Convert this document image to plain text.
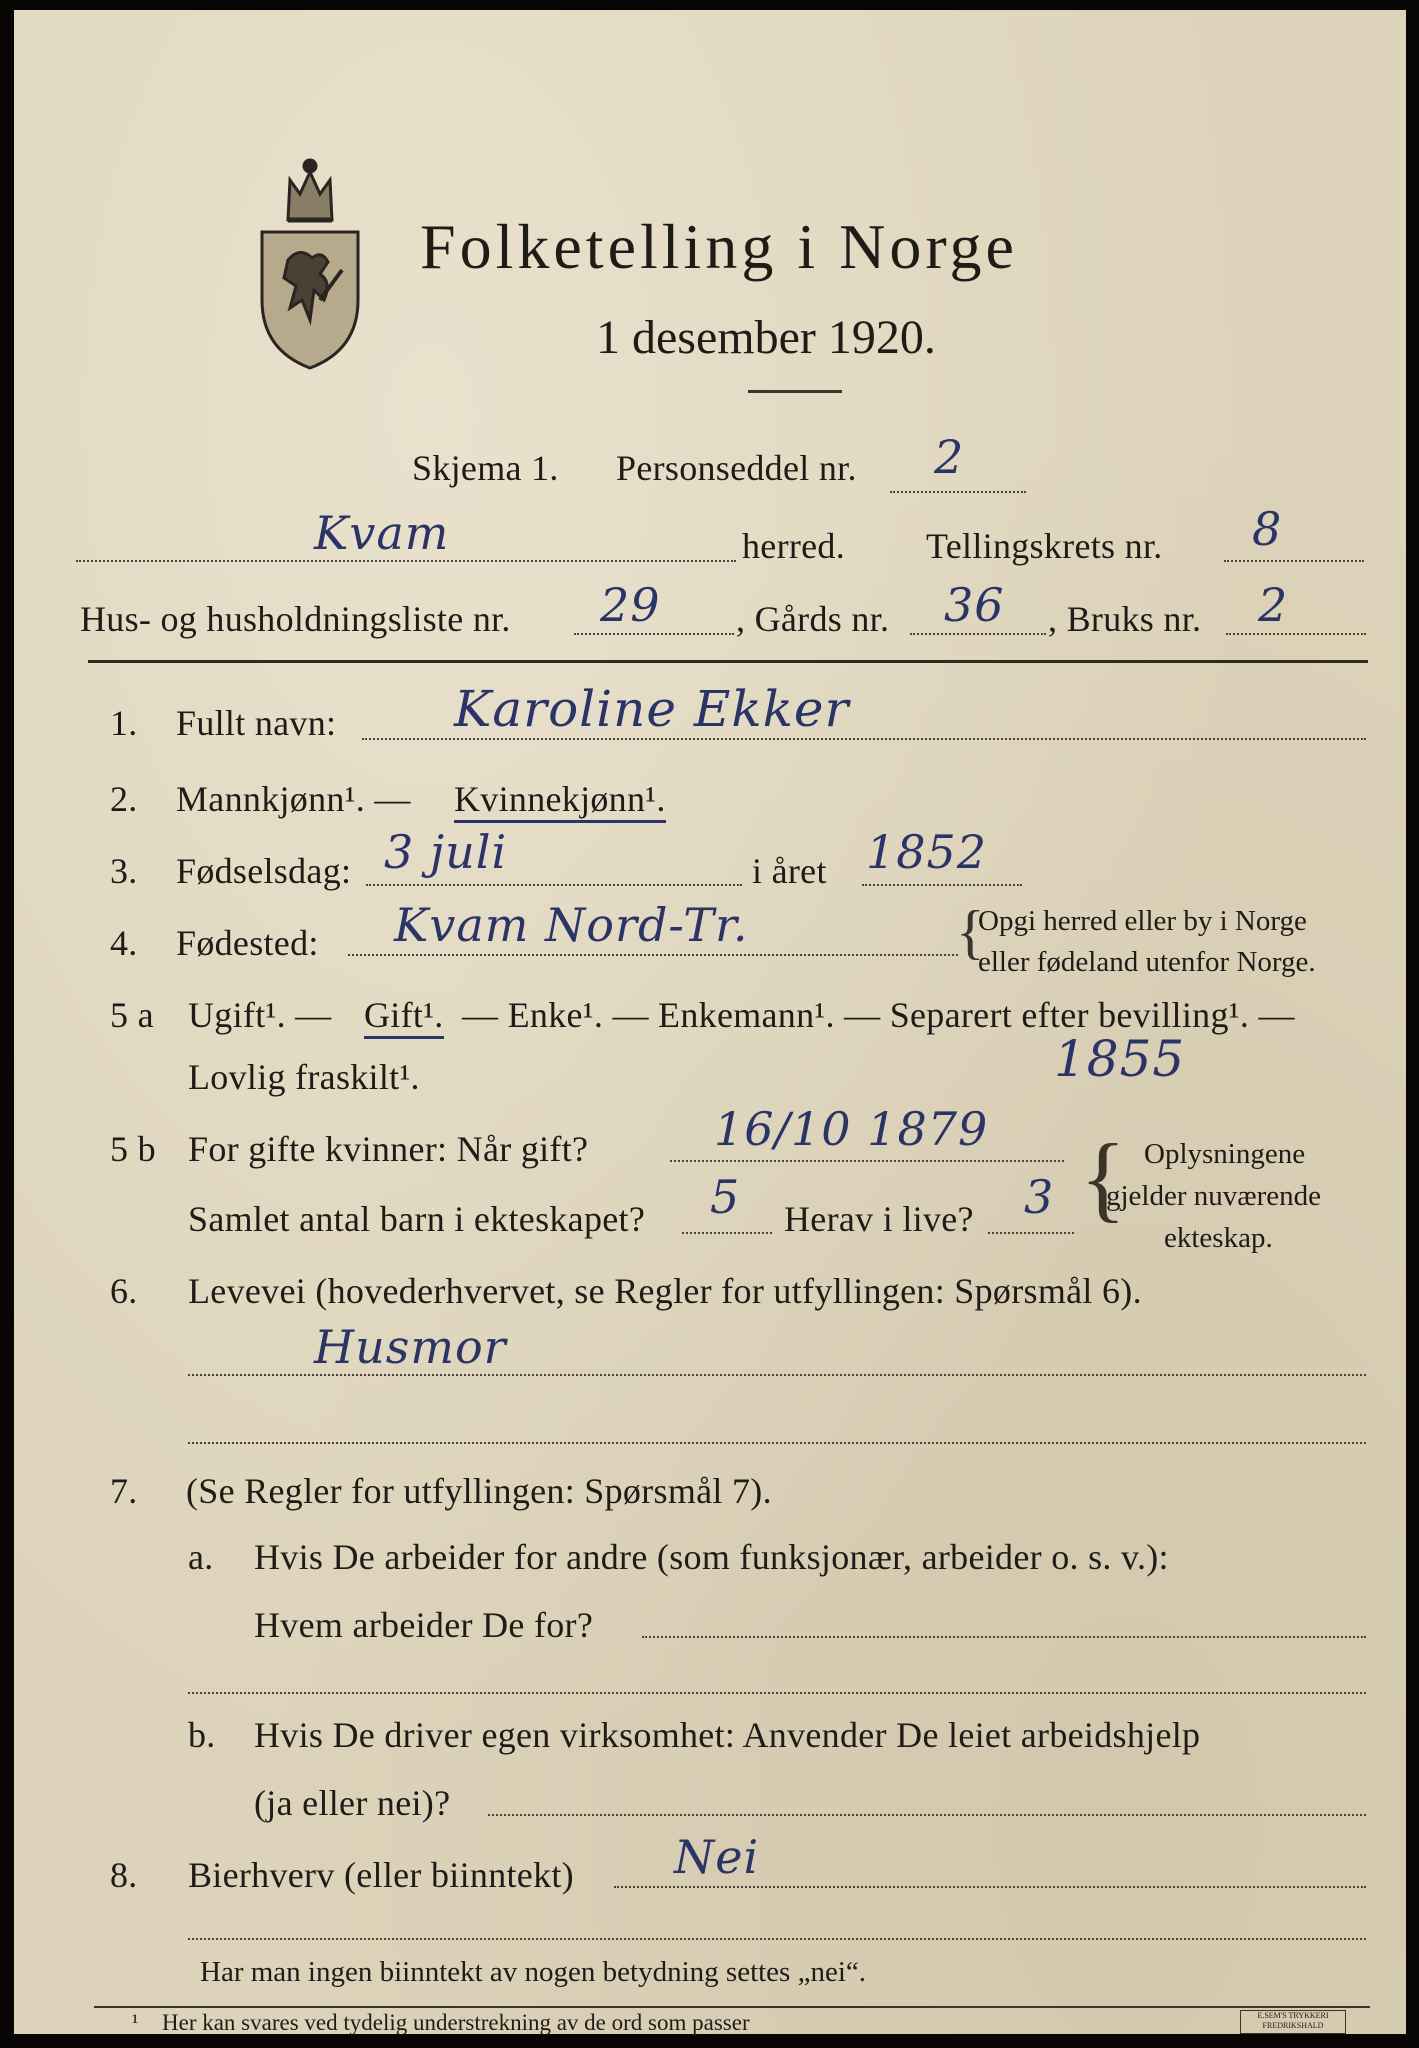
Folketelling i Norge
1 desember 1920.
Skjema 1. Personseddel nr. 2
Kvam	herred. Tellingskrets nr. 8
Hus- og husholdningsliste nr. 29 , Gårds nr. 36 , Bruks nr. 2
1. Fullt navn: Karoline Ekker
2. Mannkjønn¹. — Kvinnekjønn¹.
3. Fødselsdag: 3 juli	i året 1852
4. Fødested: Kvam Nord-Tr.	{
Opgi herred eller by i Norge
eller fødeland utenfor Norge.
5 a Ugift¹. — Gift¹. — Enke¹. — Enkemann¹. — Separert efter bevilling¹. —
Lovlig fraskilt¹.	1855
5 b For gifte kvinner: Når gift?	16/10 1879
Samlet antal barn i ekteskapet? 5 Herav i live? 3 { Oplysningene
gjelder nuværende
ekteskap.
6. Levevei (hovederhvervet, se Regler for utfyllingen: Spørsmål 6).
Husmor
7. (Se Regler for utfyllingen: Spørsmål 7).
a. Hvis De arbeider for andre (som funksjonær, arbeider o. s. v.):
Hvem arbeider De for?
b. Hvis De driver egen virksomhet: Anvender De leiet arbeidshjelp
(ja eller nei)?
8. Bierhverv (eller biinntekt) Nei
Har man ingen biinntekt av nogen betydning settes „nei“.
¹ Her kan svares ved tydelig understrekning av de ord som passer	E.SEM'S TRYKKERI
FREDRIKSHALD
